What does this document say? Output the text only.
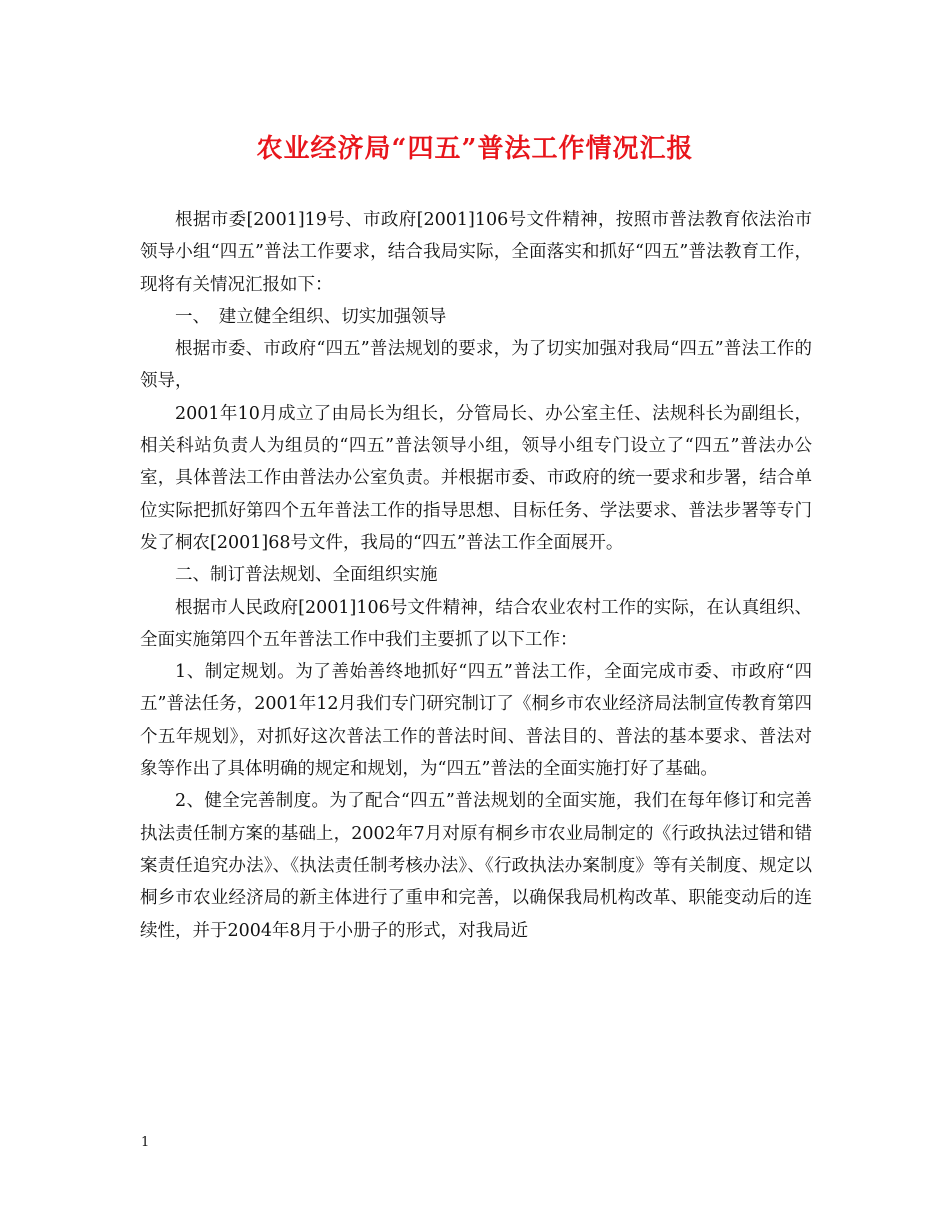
农业经济局“四五”普法工作情况汇报

根据市委[2001]19号、市政府[2001]106号文件精神，按照市普法教育依法治市领导小组“四五”普法工作要求，结合我局实际，全面落实和抓好“四五”普法教育工作，现将有关情况汇报如下：

一、　建立健全组织、切实加强领导

根据市委、市政府“四五”普法规划的要求，为了切实加强对我局“四五”普法工作的领导，

2001年10月成立了由局长为组长，分管局长、办公室主任、法规科长为副组长，相关科站负责人为组员的“四五”普法领导小组，领导小组专门设立了“四五”普法办公室，具体普法工作由普法办公室负责。并根据市委、市政府的统一要求和步署，结合单位实际把抓好第四个五年普法工作的指导思想、目标任务、学法要求、普法步署等专门发了桐农[2001]68号文件，我局的“四五”普法工作全面展开。

二、制订普法规划、全面组织实施

根据市人民政府[2001]106号文件精神，结合农业农村工作的实际，在认真组织、全面实施第四个五年普法工作中我们主要抓了以下工作：

1、制定规划。为了善始善终地抓好“四五”普法工作，全面完成市委、市政府“四五”普法任务，2001年12月我们专门研究制订了《桐乡市农业经济局法制宣传教育第四个五年规划》，对抓好这次普法工作的普法时间、普法目的、普法的基本要求、普法对象等作出了具体明确的规定和规划，为“四五”普法的全面实施打好了基础。

2、健全完善制度。为了配合“四五”普法规划的全面实施，我们在每年修订和完善执法责任制方案的基础上，2002年7月对原有桐乡市农业局制定的《行政执法过错和错案责任追究办法》、《执法责任制考核办法》、《行政执法办案制度》等有关制度、规定以桐乡市农业经济局的新主体进行了重申和完善，以确保我局机构改革、职能变动后的连续性，并于2004年8月于小册子的形式，对我局近

1
